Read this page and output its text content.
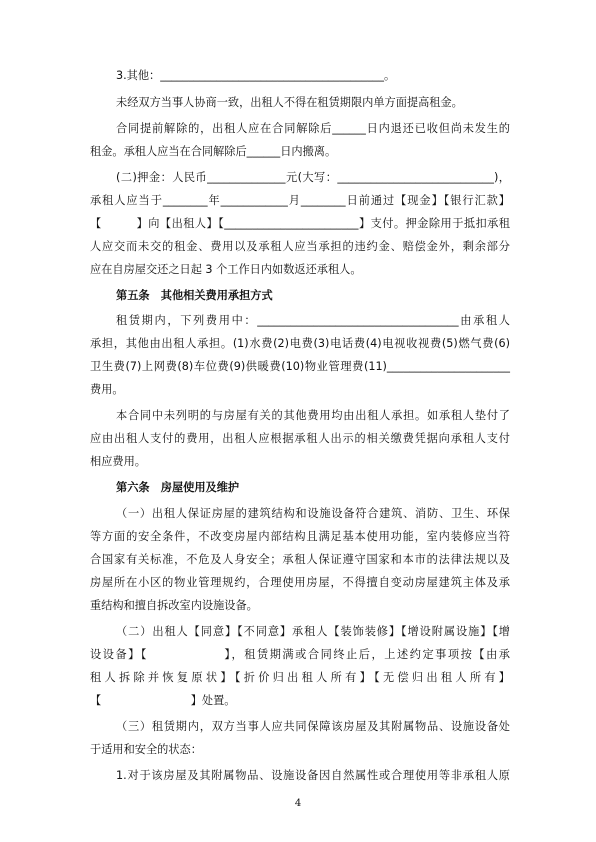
3.其他：________________________________________。
未经双方当事人协商一致，出租人不得在租赁期限内单方面提高租金。
合同提前解除的，出租人应在合同解除后______日内退还已收但尚未发生的
租金。承租人应当在合同解除后______日内搬离。
(二)押金：人民币______________元(大写：____________________________)，
承租人应当于________年____________月________日前通过【现金】【银行汇款】
【　　　】向【出租人】【________________________】支付。押金除用于抵扣承租
人应交而未交的租金、费用以及承租人应当承担的违约金、赔偿金外，剩余部分
应在自房屋交还之日起 3 个工作日内如数返还承租人。
第五条　其他相关费用承担方式
租赁期内，下列费用中：____________________________________由承租人
承担，其他由出租人承担。(1)水费(2)电费(3)电话费(4)电视收视费(5)燃气费(6)
卫生费(7)上网费(8)车位费(9)供暖费(10)物业管理费(11)______________________
费用。
本合同中未列明的与房屋有关的其他费用均由出租人承担。如承租人垫付了
应由出租人支付的费用，出租人应根据承租人出示的相关缴费凭据向承租人支付
相应费用。
第六条　房屋使用及维护
（一）出租人保证房屋的建筑结构和设施设备符合建筑、消防、卫生、环保
等方面的安全条件，不改变房屋内部结构且满足基本使用功能，室内装修应当符
合国家有关标准，不危及人身安全；承租人保证遵守国家和本市的法律法规以及
房屋所在小区的物业管理规约，合理使用房屋，不得擅自变动房屋建筑主体及承
重结构和擅自拆改室内设施设备。
（二）出租人【同意】【不同意】承租人【装饰装修】【增设附属设施】【增
设设备】【　　　　　　】，租赁期满或合同终止后，上述约定事项按【由承
租人拆除并恢复原状】【折价归出租人所有】【无偿归出租人所有】
【　　　　　　　　】处置。
（三）租赁期内，双方当事人应共同保障该房屋及其附属物品、设施设备处
于适用和安全的状态：
1.对于该房屋及其附属物品、设施设备因自然属性或合理使用等非承租人原
4
